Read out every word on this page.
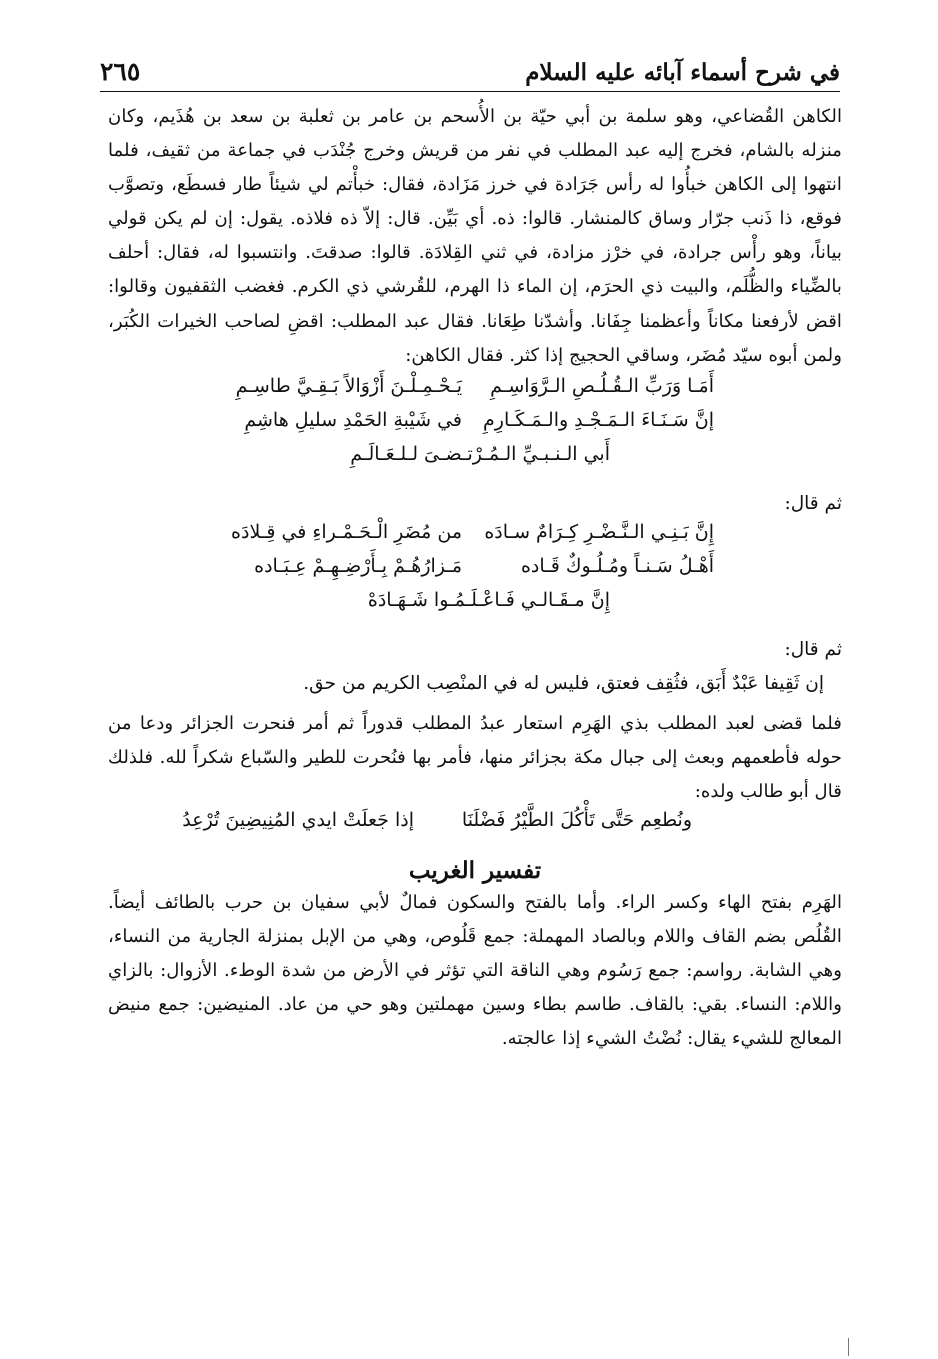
في شرح أسماء آبائه عليه السلام
٢٦٥

الكاهن القُضاعي، وهو سلمة بن أبي حيّة بن الأُسحم بن عامر بن ثعلبة بن سعد بن هُذَيم، وكان منزله بالشام، فخرج إليه عبد المطلب في نفر من قريش وخرج جُنْدَب في جماعة من ثقيف، فلما انتهوا إلى الكاهن خبأُوا له رأس جَرَادة في خرز مَزَادة، فقال: خبأْتم لي شيئاً طار فسطَع، وتصوَّب فوقع، ذا ذَنب جرّار وساق كالمنشار. قالوا: ذه. أي بَيِّن. قال: إلاّ ذه فلاذه. يقول: إن لم يكن قولي بياناً، وهو رأْس جرادة، في خرْز مزادة، في ثني القِلادَة. قالوا: صدقتَ. وانتسبوا له، فقال: أحلف بالضِّياء والظُّلَم، والبيت ذي الحرَم، إن الماء ذا الهرم، للقُرشي ذي الكرم. فغضب الثقفيون وقالوا: اقض لأرفعنا مكاناً وأعظمنا جِفَانا. وأشدّنا طِعَانا. فقال عبد المطلب: اقضِ لصاحب الخيرات الكُبَر، ولمن أبوه سيّد مُضَر، وساقي الحجيج إذا كثر. فقال الكاهن:

أَمَـا وَرَبِّ الـقُـلُـصِ الـرَّوَاسِـمِ
يَـحْـمِـلْـنَ أَزْوَالاً بَـقِـيَّ طاسِـمِ
إنَّ سَـنَـاءَ الـمَـجْـدِ والـمَـكَـارِمِ
في شَيْبةِ الحَمْدِ سليلِ هاشِمِ
أَبي الـنـبـيِّ الـمُـرْتـضـىَ لـلـعَـالَـمِ

ثم قال:

إِنَّ بَـنِـي الـنَّـضْـرِ كِـرَامٌ سـادَه
من مُضَرِ الْـحَـمْـراءِ في قِـلادَه
أَهْـلُ سَـنـاً ومُـلُـوكٌ قَـاده
مَـزارُهُـمْ بِـأَرْضِـهِـمْ عِـبَـاده
إِنَّ مـقَـالـي فَـاعْـلَـمُـوا شَـهَـادَهْ

ثم قال:

إن ثَقِيفا عَبْدٌ أَبَق، فثُقِف فعتق، فليس له في المنْصِب الكريم من حق.

فلما قضى لعبد المطلب بذي الهَرِم استعار عبدُ المطلب قدوراً ثم أمر فنحرت الجزائر ودعا من حوله فأطعمهم وبعث إلى جبال مكة بجزائر منها، فأمر بها فنُحرت للطير والسّباع شكراً لله. فلذلك قال أبو طالب ولده:

ونُطعِم حَتَّى تَأْكُلَ الطَّيْرُ فَضْلَنَا
إذا جَعلَتْ ايدي المُنِيضِينَ تُرْعِدُ
تفسير الغريب

الهَرِم بفتح الهاء وكسر الراء. وأما بالفتح والسكون فمالٌ لأبي سفيان بن حرب بالطائف أيضاً. القُلُص بضم القاف واللام وبالصاد المهملة: جمع قَلُوص، وهي من الإبل بمنزلة الجارية من النساء، وهي الشابة. رواسم: جمع رَسُوم وهي الناقة التي تؤثر في الأرض من شدة الوطء. الأزوال: بالزاي واللام: النساء. بقي: بالقاف. طاسم بطاء وسين مهملتين وهو حي من عاد. المنيضين: جمع منيض المعالج للشيء يقال: نُضْتُ الشيء إذا عالجته.
